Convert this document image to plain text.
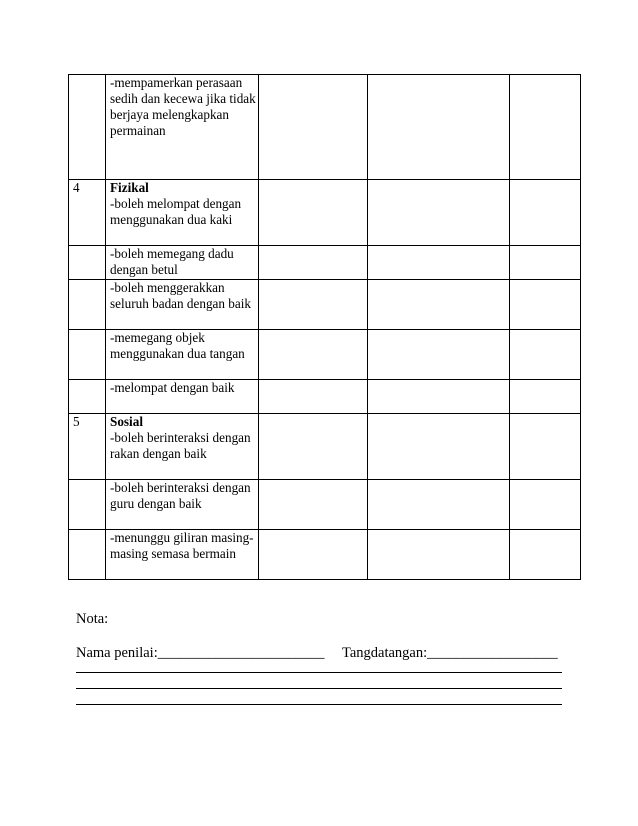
	-mempamerkan perasaan sedih dan kecewa jika tidak berjaya melengkapkan permainan			

4	Fizikal
-boleh melompat dengan menggunakan dua kaki			

	-boleh memegang dadu dengan betul			

	-boleh menggerakkan seluruh badan dengan baik			

	-memegang objek menggunakan dua tangan			

	-melompat dengan baik			

5	Sosial
-boleh berinteraksi dengan rakan dengan baik			

	-boleh berinteraksi dengan guru dengan baik			

	-menunggu giliran masing-masing semasa bermain			

Nota:
Nama penilai:_______________________ Tangdatangan:__________________
